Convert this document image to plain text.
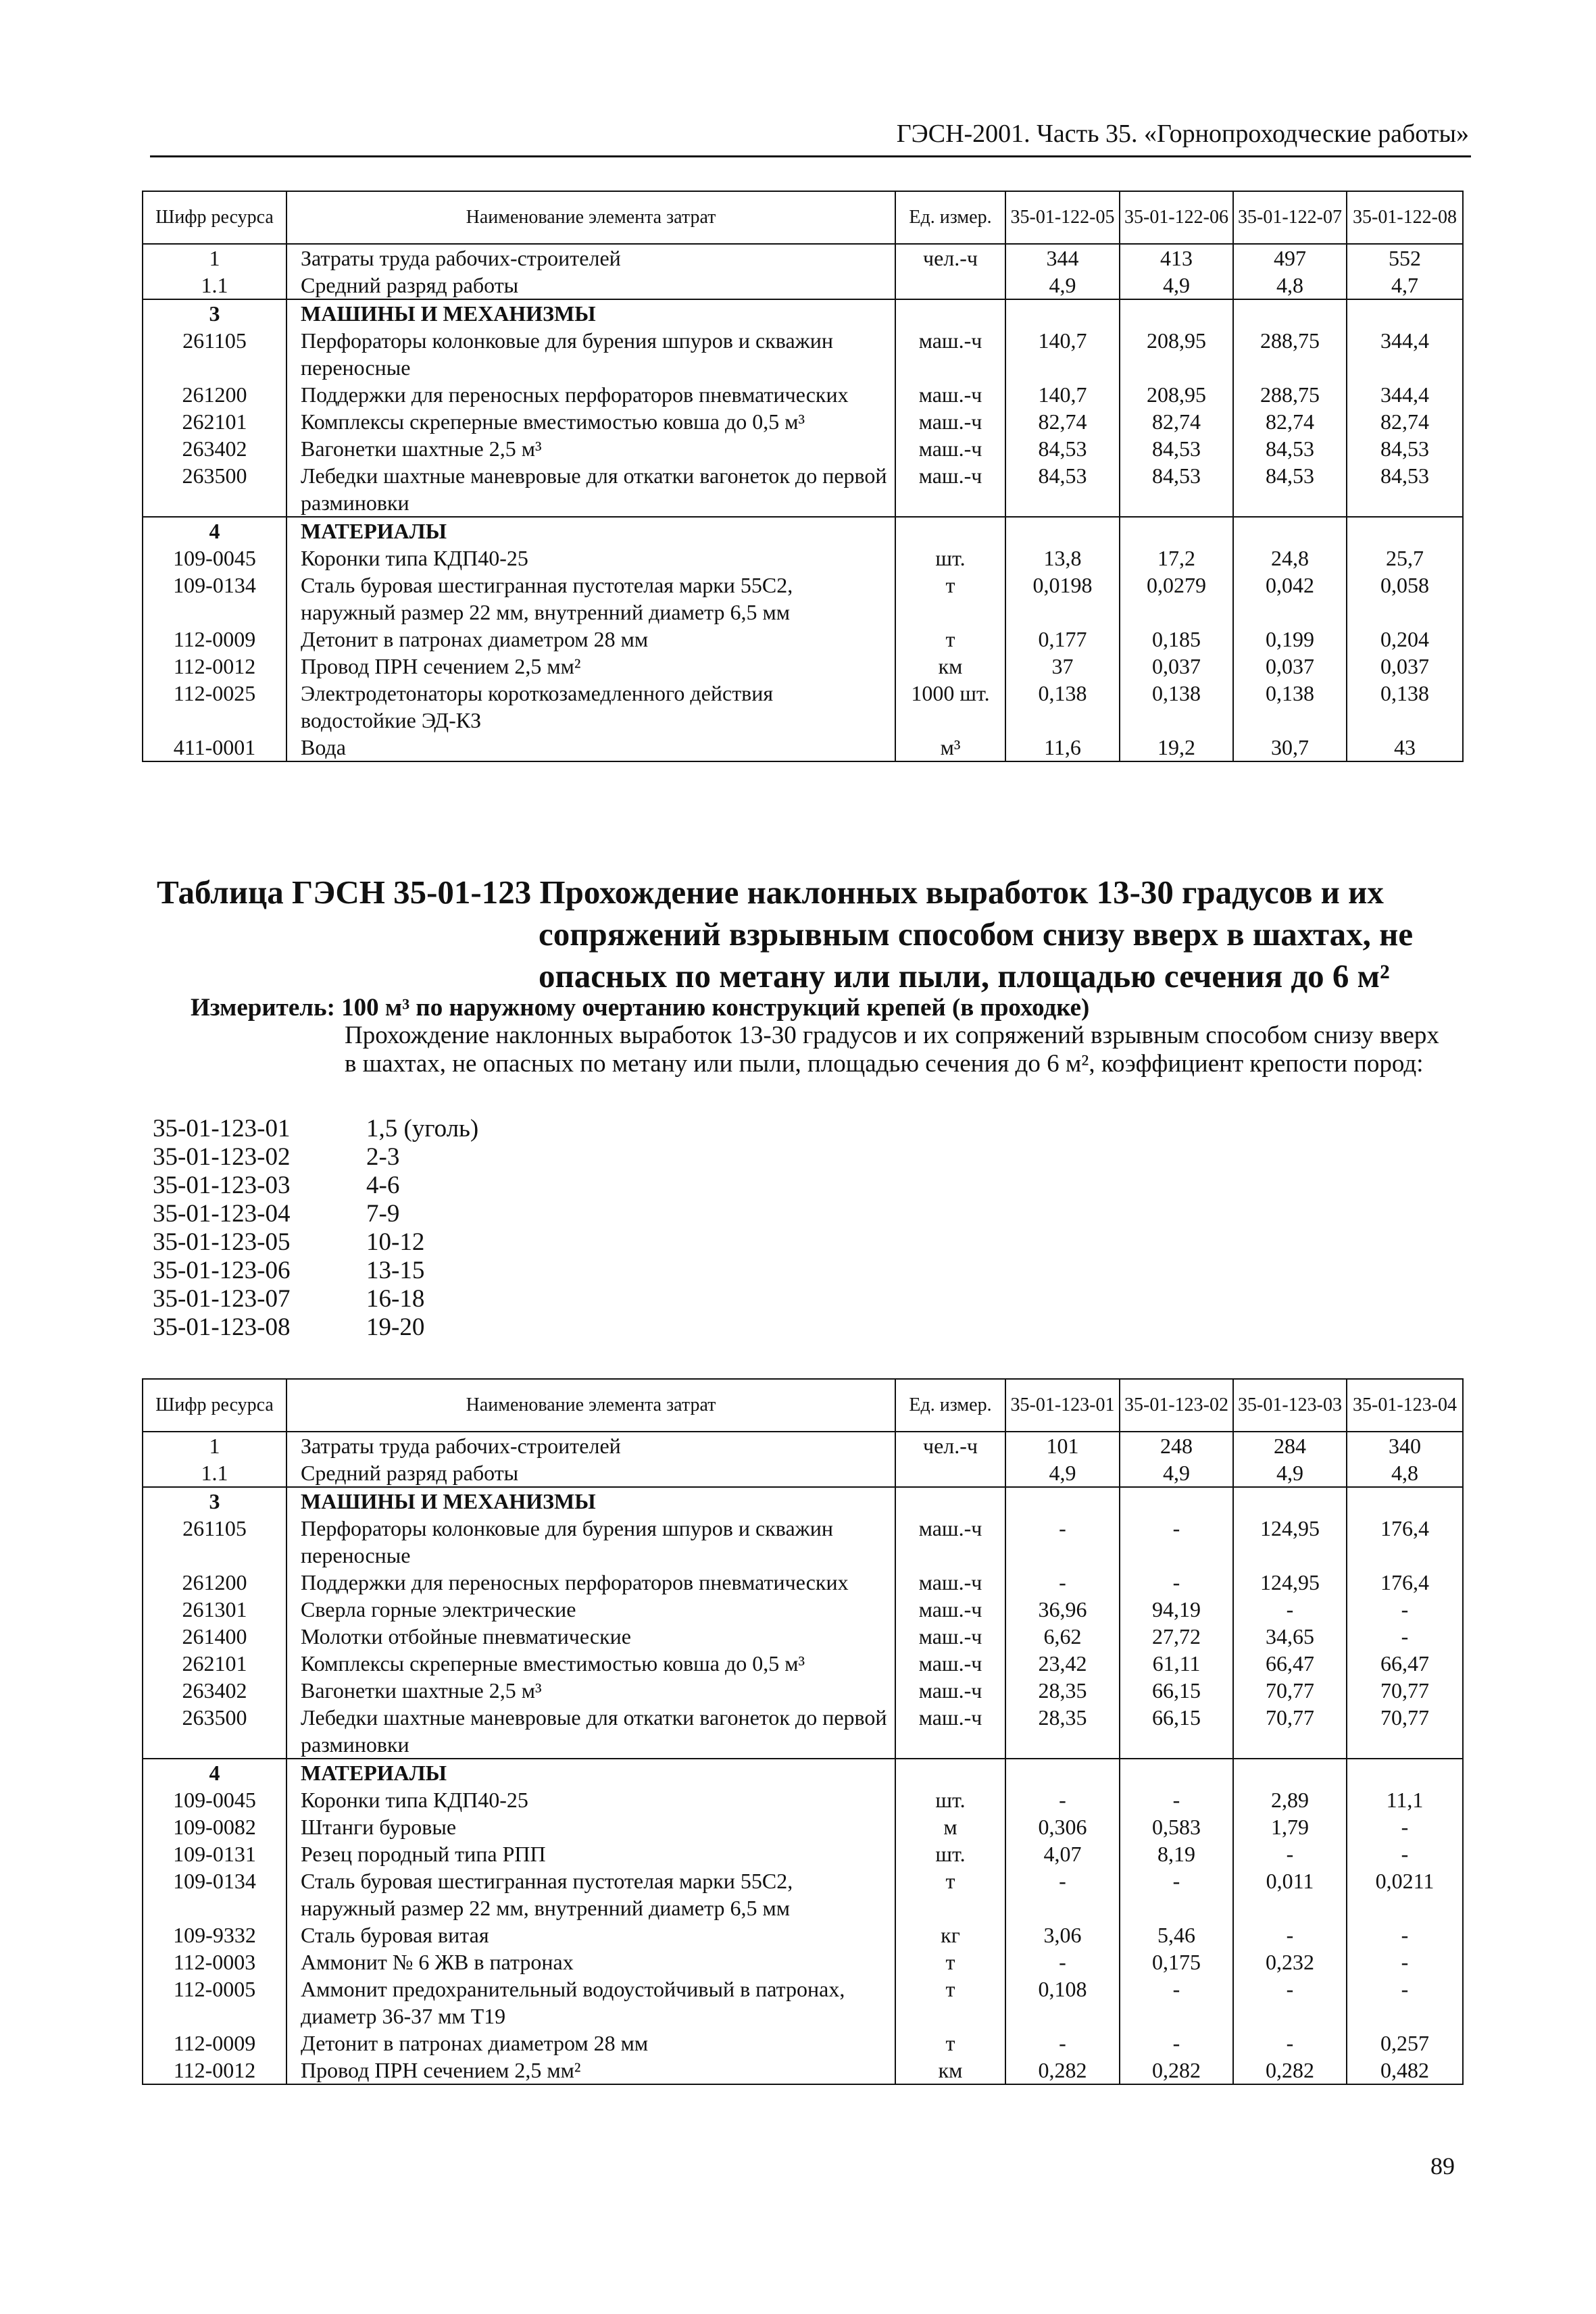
ГЭСН-2001. Часть 35. «Горнопроходческие работы»
Шифр ресурса	Наименование элемента затрат	Ед. измер.	35-01-122-05	35-01-122-06	35-01-122-07	35-01-122-08
1	Затраты труда рабочих-строителей	чел.-ч	344	413	497	552
1.1	Средний разряд работы		4,9	4,9	4,8	4,7
3	МАШИНЫ И МЕХАНИЗМЫ					
261105	Перфораторы колонковые для бурения шпуров и скважин переносные	маш.-ч	140,7	208,95	288,75	344,4
261200	Поддержки для переносных перфораторов пневматических	маш.-ч	140,7	208,95	288,75	344,4
262101	Комплексы скреперные вместимостью ковша до 0,5 м³	маш.-ч	82,74	82,74	82,74	82,74
263402	Вагонетки шахтные 2,5 м³	маш.-ч	84,53	84,53	84,53	84,53
263500	Лебедки шахтные маневровые для откатки вагонеток до первой разминовки	маш.-ч	84,53	84,53	84,53	84,53
4	МАТЕРИАЛЫ					
109-0045	Коронки типа КДП40-25	шт.	13,8	17,2	24,8	25,7
109-0134	Сталь буровая шестигранная пустотелая марки 55С2, наружный размер 22 мм, внутренний диаметр 6,5 мм	т	0,0198	0,0279	0,042	0,058
112-0009	Детонит в патронах диаметром 28 мм	т	0,177	0,185	0,199	0,204
112-0012	Провод ПРН сечением 2,5 мм²	км	37	0,037	0,037	0,037
112-0025	Электродетонаторы короткозамедленного действия водостойкие ЭД-КЗ	1000 шт.	0,138	0,138	0,138	0,138
411-0001	Вода	м³	11,6	19,2	30,7	43
Таблица ГЭСН 35-01-123 Прохождение наклонных выработок 13-30 градусов и их
сопряжений взрывным способом снизу вверх в шахтах, не
опасных по метану или пыли, площадью сечения до 6 м²
Измеритель: 100 м³ по наружному очертанию конструкций крепей (в проходке)
Прохождение наклонных выработок 13-30 градусов и их сопряжений взрывным способом снизу вверх в шахтах, не опасных по метану или пыли, площадью сечения до 6 м², коэффициент крепости пород:
35-01-123-01	1,5 (уголь)
35-01-123-02	2-3
35-01-123-03	4-6
35-01-123-04	7-9
35-01-123-05	10-12
35-01-123-06	13-15
35-01-123-07	16-18
35-01-123-08	19-20
Шифр ресурса	Наименование элемента затрат	Ед. измер.	35-01-123-01	35-01-123-02	35-01-123-03	35-01-123-04
1	Затраты труда рабочих-строителей	чел.-ч	101	248	284	340
1.1	Средний разряд работы		4,9	4,9	4,9	4,8
3	МАШИНЫ И МЕХАНИЗМЫ					
261105	Перфораторы колонковые для бурения шпуров и скважин переносные	маш.-ч	-	-	124,95	176,4
261200	Поддержки для переносных перфораторов пневматических	маш.-ч	-	-	124,95	176,4
261301	Сверла горные электрические	маш.-ч	36,96	94,19	-	-
261400	Молотки отбойные пневматические	маш.-ч	6,62	27,72	34,65	-
262101	Комплексы скреперные вместимостью ковша до 0,5 м³	маш.-ч	23,42	61,11	66,47	66,47
263402	Вагонетки шахтные 2,5 м³	маш.-ч	28,35	66,15	70,77	70,77
263500	Лебедки шахтные маневровые для откатки вагонеток до первой разминовки	маш.-ч	28,35	66,15	70,77	70,77
4	МАТЕРИАЛЫ					
109-0045	Коронки типа КДП40-25	шт.	-	-	2,89	11,1
109-0082	Штанги буровые	м	0,306	0,583	1,79	-
109-0131	Резец породный типа РПП	шт.	4,07	8,19	-	-
109-0134	Сталь буровая шестигранная пустотелая марки 55С2, наружный размер 22 мм, внутренний диаметр 6,5 мм	т	-	-	0,011	0,0211
109-9332	Сталь буровая витая	кг	3,06	5,46	-	-
112-0003	Аммонит № 6 ЖВ в патронах	т	-	0,175	0,232	-
112-0005	Аммонит предохранительный водоустойчивый в патронах, диаметр 36-37 мм Т19	т	0,108	-	-	-
112-0009	Детонит в патронах диаметром 28 мм	т	-	-	-	0,257
112-0012	Провод ПРН сечением 2,5 мм²	км	0,282	0,282	0,282	0,482
89
